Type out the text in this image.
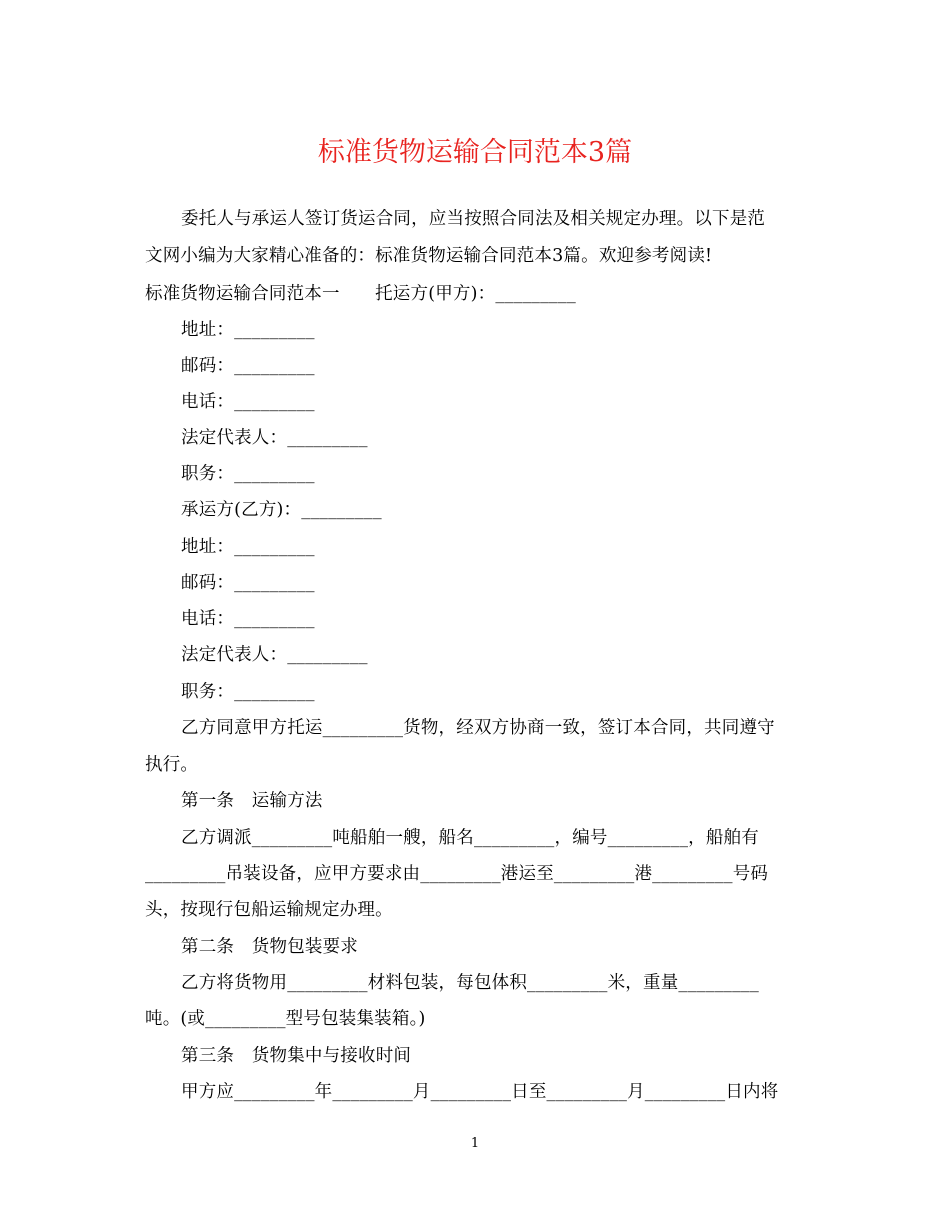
标准货物运输合同范本3篇
委托人与承运人签订货运合同，应当按照合同法及相关规定办理。以下是范
文网小编为大家精心准备的：标准货物运输合同范本3篇。欢迎参考阅读!
标准货物运输合同范本一　　托运方(甲方)：_________
地址：_________
邮码：_________
电话：_________
法定代表人：_________
职务：_________
承运方(乙方)：_________
地址：_________
邮码：_________
电话：_________
法定代表人：_________
职务：_________
乙方同意甲方托运_________货物，经双方协商一致，签订本合同，共同遵守
执行。
第一条　运输方法
乙方调派_________吨船舶一艘，船名_________，编号_________，船舶有
_________吊装设备，应甲方要求由_________港运至_________港_________号码
头，按现行包船运输规定办理。
第二条　货物包装要求
乙方将货物用_________材料包装，每包体积_________米，重量_________
吨。(或_________型号包装集装箱。)
第三条　货物集中与接收时间
甲方应_________年_________月_________日至_________月_________日内将
1
